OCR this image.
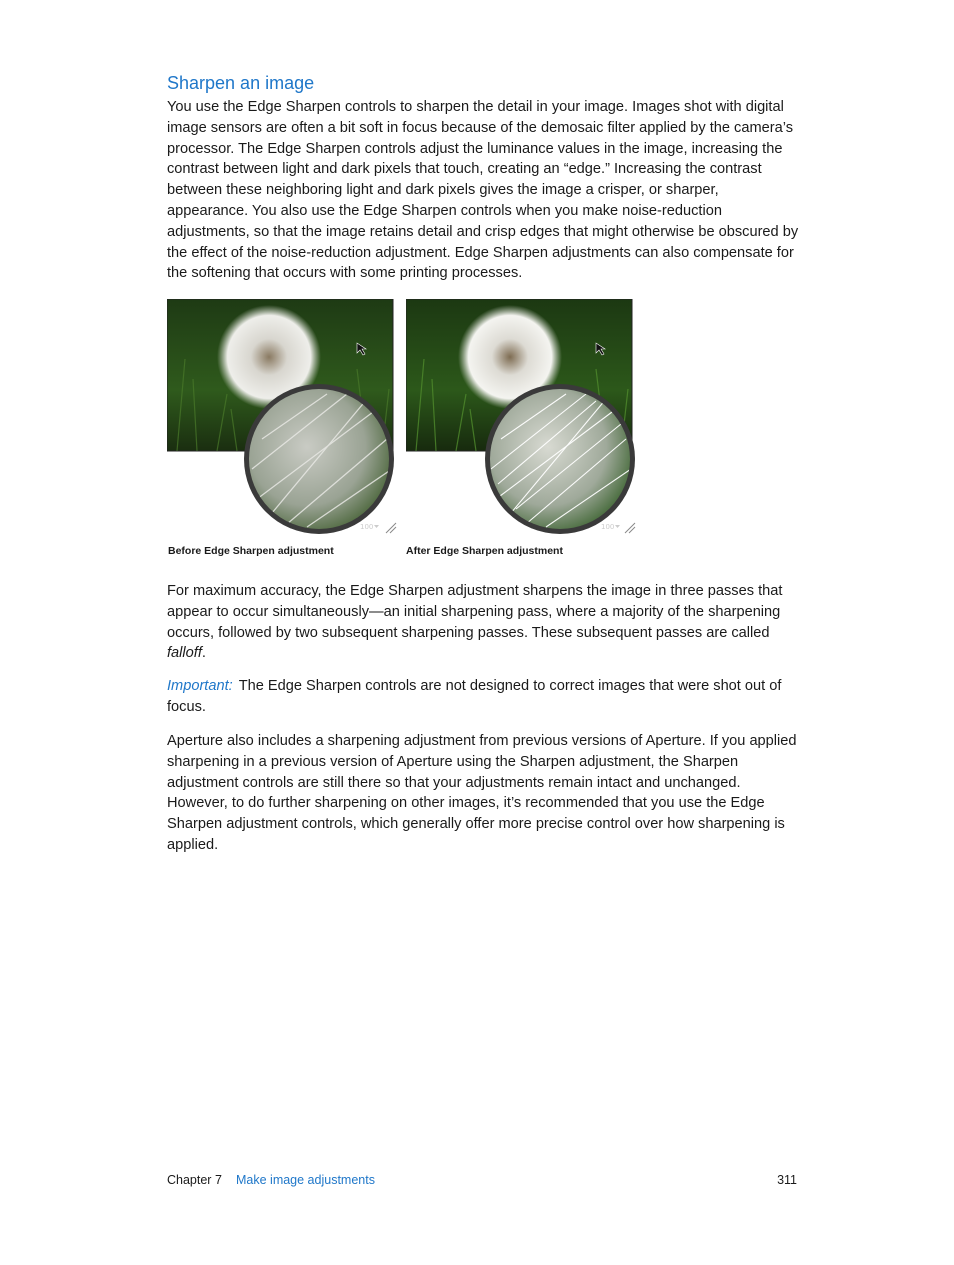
Sharpen an image

You use the Edge Sharpen controls to sharpen the detail in your image. Images shot with digital image sensors are often a bit soft in focus because of the demosaic filter applied by the camera’s processor. The Edge Sharpen controls adjust the luminance values in the image, increasing the contrast between light and dark pixels that touch, creating an “edge.” Increasing the contrast between these neighboring light and dark pixels gives the image a crisper, or sharper, appearance. You also use the Edge Sharpen controls when you make noise-reduction adjustments, so that the image retains detail and crisp edges that might otherwise be obscured by the effect of the noise-reduction adjustment. Edge Sharpen adjustments can also compensate for the softening that occurs with some printing processes.

100	100
Before Edge Sharpen adjustment	After Edge Sharpen adjustment

For maximum accuracy, the Edge Sharpen adjustment sharpens the image in three passes that appear to occur simultaneously—an initial sharpening pass, where a majority of the sharpening occurs, followed by two subsequent sharpening passes. These subsequent passes are called falloff.

Important: The Edge Sharpen controls are not designed to correct images that were shot out of focus.

Aperture also includes a sharpening adjustment from previous versions of Aperture. If you applied sharpening in a previous version of Aperture using the Sharpen adjustment, the Sharpen adjustment controls are still there so that your adjustments remain intact and unchanged. However, to do further sharpening on other images, it’s recommended that you use the Edge Sharpen adjustment controls, which generally offer more precise control over how sharpening is applied.

Chapter 7 Make image adjustments	311
